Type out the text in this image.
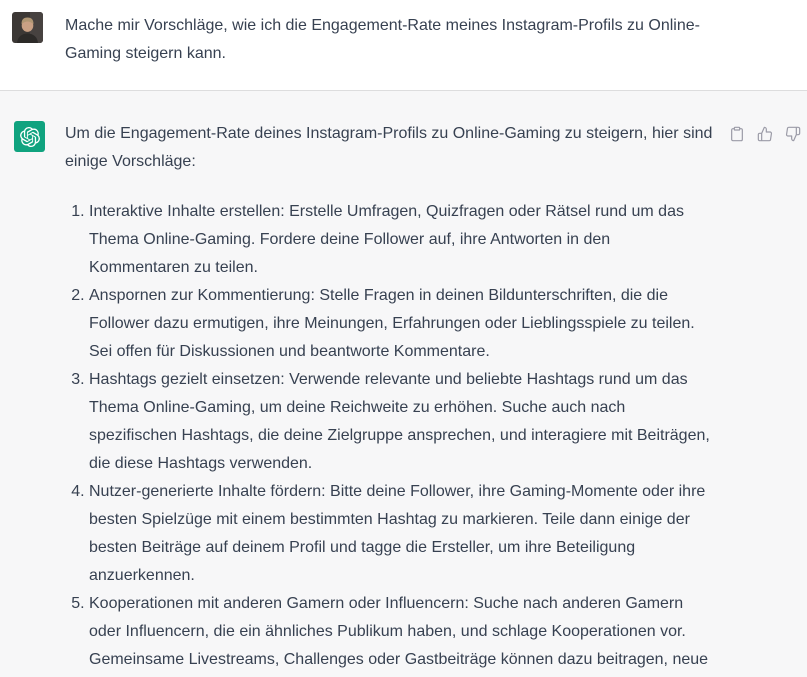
Mache mir Vorschläge, wie ich die Engagement-Rate meines Instagram-Profils zu Online-Gaming steigern kann.

Um die Engagement-Rate deines Instagram-Profils zu Online-Gaming zu steigern, hier sind einige Vorschläge:

1. Interaktive Inhalte erstellen: Erstelle Umfragen, Quizfragen oder Rätsel rund um das Thema Online-Gaming. Fordere deine Follower auf, ihre Antworten in den Kommentaren zu teilen.
2. Anspornen zur Kommentierung: Stelle Fragen in deinen Bildunterschriften, die die Follower dazu ermutigen, ihre Meinungen, Erfahrungen oder Lieblingsspiele zu teilen. Sei offen für Diskussionen und beantworte Kommentare.
3. Hashtags gezielt einsetzen: Verwende relevante und beliebte Hashtags rund um das Thema Online-Gaming, um deine Reichweite zu erhöhen. Suche auch nach spezifischen Hashtags, die deine Zielgruppe ansprechen, und interagiere mit Beiträgen, die diese Hashtags verwenden.
4. Nutzer-generierte Inhalte fördern: Bitte deine Follower, ihre Gaming-Momente oder ihre besten Spielzüge mit einem bestimmten Hashtag zu markieren. Teile dann einige der besten Beiträge auf deinem Profil und tagge die Ersteller, um ihre Beteiligung anzuerkennen.
5. Kooperationen mit anderen Gamern oder Influencern: Suche nach anderen Gamern oder Influencern, die ein ähnliches Publikum haben, und schlage Kooperationen vor. Gemeinsame Livestreams, Challenges oder Gastbeiträge können dazu beitragen, neue
